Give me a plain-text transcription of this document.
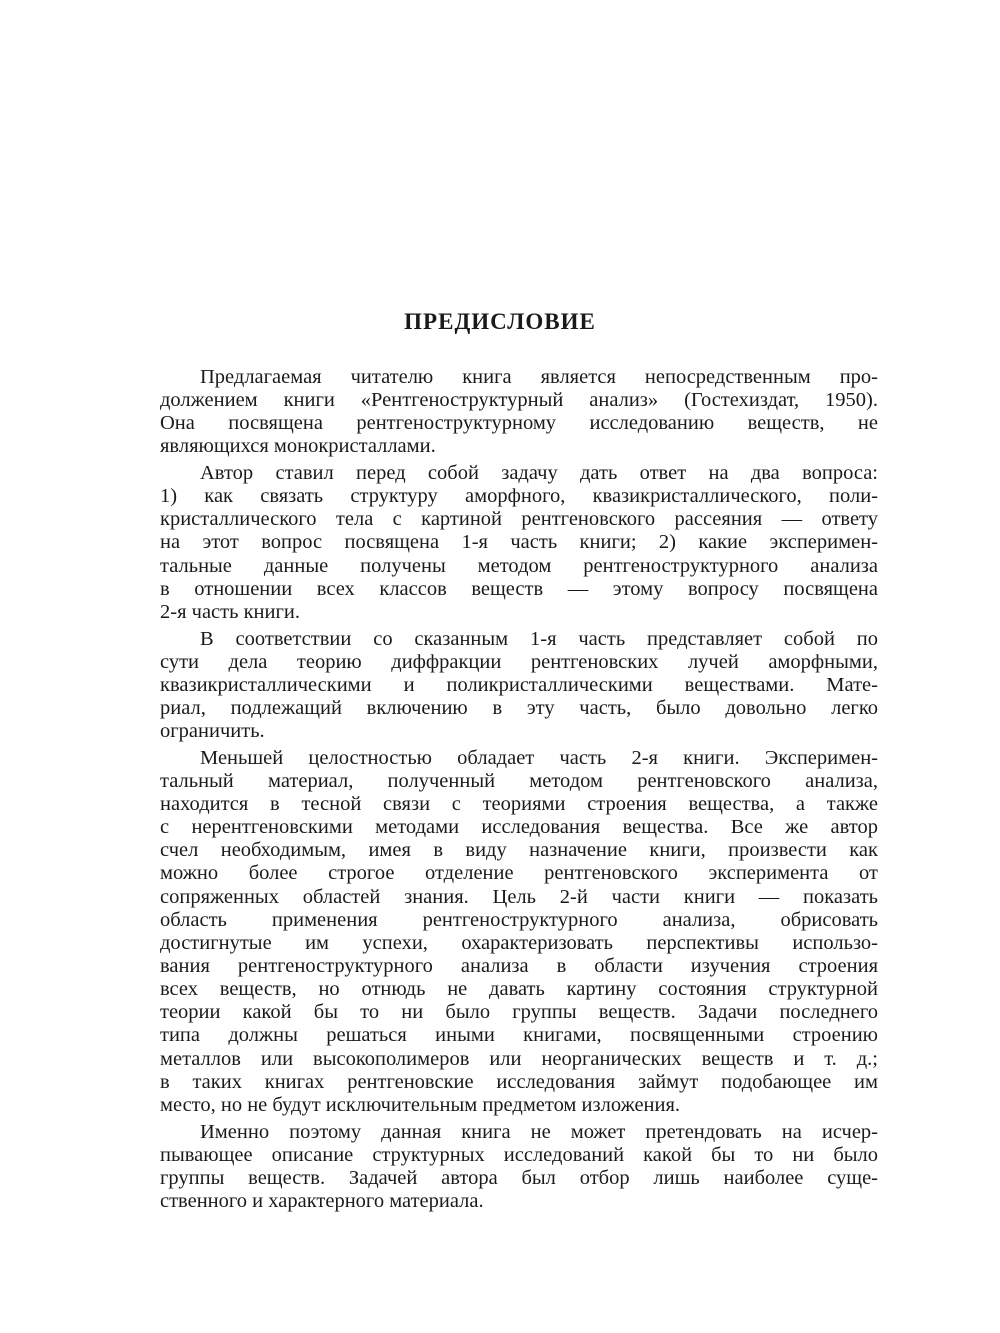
ПРЕДИСЛОВИЕ
Предлагаемая читателю книга является непосредственным про-
должением книги «Рентгеноструктурный анализ» (Гостехиздат, 1950).
Она посвящена рентгеноструктурному исследованию веществ, не
являющихся монокристаллами.
Автор ставил перед собой задачу дать ответ на два вопроса:
1) как связать структуру аморфного, квазикристаллического, поли-
кристаллического тела с картиной рентгеновского рассеяния — ответу
на этот вопрос посвящена 1-я часть книги; 2) какие эксперимен-
тальные данные получены методом рентгеноструктурного анализа
в отношении всех классов веществ — этому вопросу посвящена
2-я часть книги.
В соответствии со сказанным 1-я часть представляет собой по
сути дела теорию диффракции рентгеновских лучей аморфными,
квазикристаллическими и поликристаллическими веществами. Мате-
риал, подлежащий включению в эту часть, было довольно легко
ограничить.
Меньшей целостностью обладает часть 2-я книги. Эксперимен-
тальный материал, полученный методом рентгеновского анализа,
находится в тесной связи с теориями строения вещества, а также
с нерентгеновскими методами исследования вещества. Все же автор
счел необходимым, имея в виду назначение книги, произвести как
можно более строгое отделение рентгеновского эксперимента от
сопряженных областей знания. Цель 2-й части книги — показать
область применения рентгеноструктурного анализа, обрисовать
достигнутые им успехи, охарактеризовать перспективы использо-
вания рентгеноструктурного анализа в области изучения строения
всех веществ, но отнюдь не давать картину состояния структурной
теории какой бы то ни было группы веществ. Задачи последнего
типа должны решаться иными книгами, посвященными строению
металлов или высокополимеров или неорганических веществ и т. д.;
в таких книгах рентгеновские исследования займут подобающее им
место, но не будут исключительным предметом изложения.
Именно поэтому данная книга не может претендовать на исчер-
пывающее описание структурных исследований какой бы то ни было
группы веществ. Задачей автора был отбор лишь наиболее суще-
ственного и характерного материала.
